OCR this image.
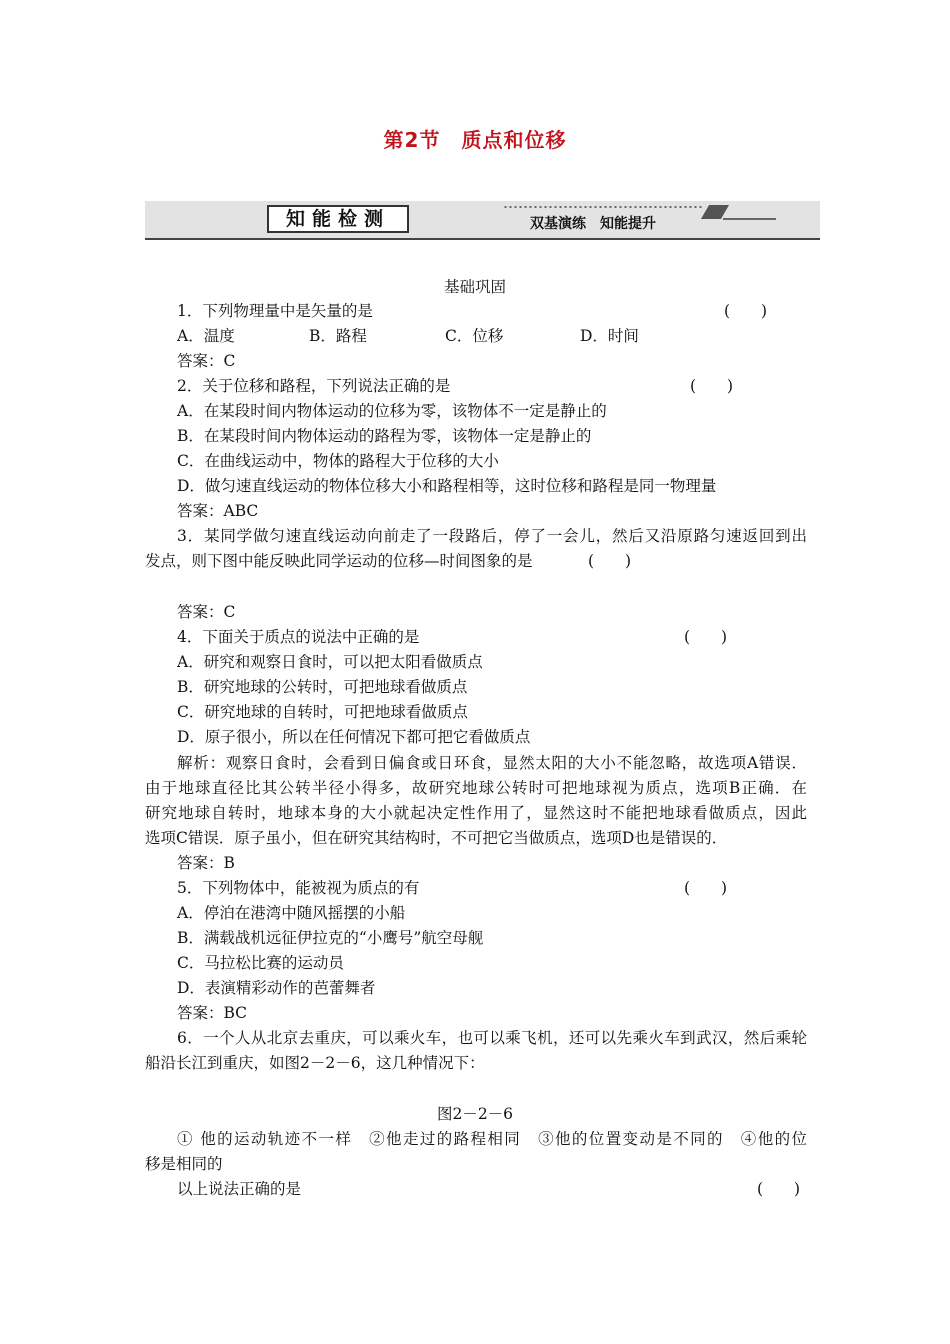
第2节　质点和位移
知能检测	双基演练　知能提升
基础巩固
1．下列物理量中是矢量的是	(　　)
A．温度	B．路程	C．位移	D．时间
答案：C
2．关于位移和路程，下列说法正确的是	(　　)
A．在某段时间内物体运动的位移为零，该物体不一定是静止的
B．在某段时间内物体运动的路程为零，该物体一定是静止的
C．在曲线运动中，物体的路程大于位移的大小
D．做匀速直线运动的物体位移大小和路程相等，这时位移和路程是同一物理量
答案：ABC
3．某同学做匀速直线运动向前走了一段路后，停了一会儿，然后又沿原路匀速返回到出
发点，则下图中能反映此同学运动的位移—时间图象的是	(　　)
答案：C
4．下面关于质点的说法中正确的是	(　　)
A．研究和观察日食时，可以把太阳看做质点
B．研究地球的公转时，可把地球看做质点
C．研究地球的自转时，可把地球看做质点
D．原子很小，所以在任何情况下都可把它看做质点
解析：观察日食时，会看到日偏食或日环食，显然太阳的大小不能忽略，故选项A错误．
由于地球直径比其公转半径小得多，故研究地球公转时可把地球视为质点，选项B正确．在
研究地球自转时，地球本身的大小就起决定性作用了，显然这时不能把地球看做质点，因此
选项C错误．原子虽小，但在研究其结构时，不可把它当做质点，选项D也是错误的．
答案：B
5．下列物体中，能被视为质点的有	(　　)
A．停泊在港湾中随风摇摆的小船
B．满载战机远征伊拉克的“小鹰号”航空母舰
C．马拉松比赛的运动员
D．表演精彩动作的芭蕾舞者
答案：BC
6．一个人从北京去重庆，可以乘火车，也可以乘飞机，还可以先乘火车到武汉，然后乘轮
船沿长江到重庆，如图2－2－6，这几种情况下：
图2－2－6
① 他的运动轨迹不一样　②他走过的路程相同　③他的位置变动是不同的　④他的位
移是相同的
以上说法正确的是	(　　)
